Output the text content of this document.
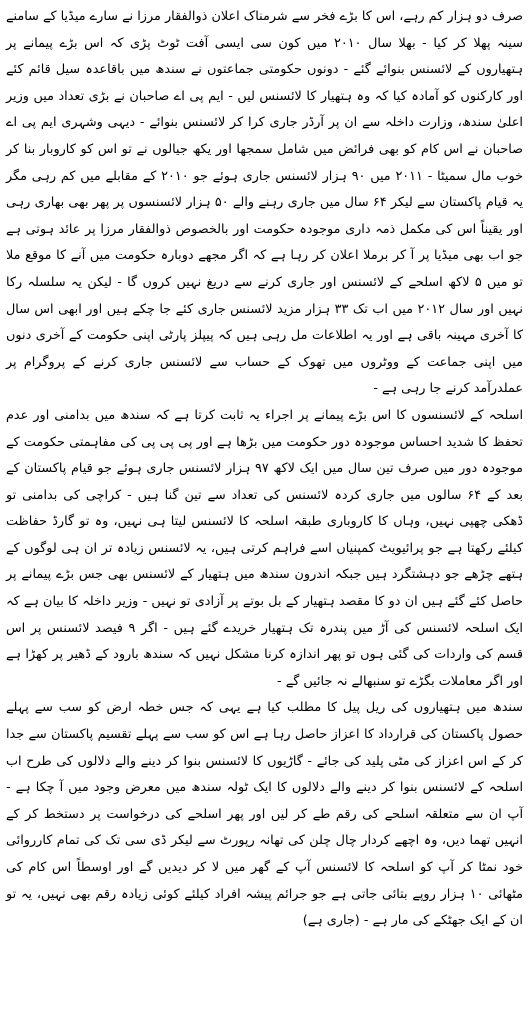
صرف دو ہزار کم رہے، اس کا بڑے فخر سے شرمناک اعلان ذوالفقار مرزا نے سارے میڈیا کے سامنے سینہ پھلا کر کیا - بھلا سال ۲۰۱۰ میں کون سی ایسی آفت ٹوٹ پڑی کہ اس بڑے پیمانے پر ہتھیاروں کے لائسنس بنوائے گئے - دونوں حکومتی جماعتوں نے سندھ میں باقاعدہ سیل قائم کئے اور کارکنوں کو آمادہ کیا کہ وہ ہتھیار کا لائسنس لیں - ایم پی اے صاحبان نے بڑی تعداد میں وزیر اعلیٰ سندھ، وزارت داخلہ سے ان پر آرڈر جاری کرا کر لائسنس بنوائے - دیہی وشہری ایم پی اے صاحبان نے اس کام کو بھی فرائض میں شامل سمجھا اور یکھ جیالوں نے تو اس کو کاروبار بنا کر خوب مال سمیٹا - ۲۰۱۱ میں ۹۰ ہزار لائسنس جاری ہوئے جو ۲۰۱۰ کے مقابلے میں کم رہی مگر یہ قیام پاکستان سے لیکر ۶۴ سال میں جاری رہنے والے ۵۰ ہزار لائسنسوں پر پھر بھی بھاری رہی اور یقیناً اس کی مکمل ذمہ داری موجودہ حکومت اور بالخصوص ذوالفقار مرزا پر عائد ہوتی ہے جو اب بھی میڈیا پر آ کر برملا اعلان کر رہا ہے کہ اگر مجھے دوبارہ حکومت میں آنے کا موقع ملا تو میں ۵ لاکھ اسلحے کے لائسنس اور جاری کرنے سے دریغ نہیں کروں گا - لیکن یہ سلسلہ رکا نہیں اور سال ۲۰۱۲ میں اب تک ۳۳ ہزار مزید لائسنس جاری کئے جا چکے ہیں اور ابھی اس سال کا آخری مہینہ باقی ہے اور یہ اطلاعات مل رہی ہیں کہ پیپلز پارٹی اپنی حکومت کے آخری دنوں میں اپنی جماعت کے ووٹروں میں تھوک کے حساب سے لائسنس جاری کرنے کے پروگرام پر عملدرآمد کرنے جا رہی ہے -

اسلحہ کے لائسنسوں کا اس بڑے پیمانے پر اجراء یہ ثابت کرتا ہے کہ سندھ میں بدامنی اور عدم تحفظ کا شدید احساس موجودہ دور حکومت میں بڑھا ہے اور پی پی پی کی مفاہمتی حکومت کے موجودہ دور میں صرف تین سال میں ایک لاکھ ۹۷ ہزار لائسنس جاری ہوئے جو قیام پاکستان کے بعد کے ۶۴ سالوں میں جاری کردہ لائسنس کی تعداد سے تین گنا ہیں - کراچی کی بدامنی تو ڈھکی چھپی نہیں، وہاں کا کاروباری طبقہ اسلحہ کا لائسنس لیتا ہی نہیں، وہ تو گارڈ حفاظت کیلئے رکھتا ہے جو پرائیویٹ کمپنیاں اسے فراہم کرتی ہیں، یہ لائسنس زیادہ تر ان ہی لوگوں کے ہتھے چڑھے جو دہشتگرد ہیں جبکہ اندرون سندھ میں ہتھیار کے لائسنس بھی جس بڑے پیمانے پر حاصل کئے گئے ہیں ان دو کا مقصد ہتھیار کے بل بوتے پر آزادی تو نہیں - وزیر داخلہ کا بیان ہے کہ ایک اسلحہ لائسنس کی آڑ میں پندرہ تک ہتھیار خریدے گئے ہیں - اگر ۹ فیصد لائسنس پر اس قسم کی واردات کی گئی ہوں تو پھر اندازہ کرنا مشکل نہیں کہ سندھ بارود کے ڈھیر پر کھڑا ہے اور اگر معاملات بگڑے تو سنبھالے نہ جائیں گے -

سندھ میں ہتھیاروں کی ریل پیل کا مطلب کیا ہے یہی کہ جس خطہ ارض کو سب سے پہلے حصول پاکستان کی قرارداد کا اعزاز حاصل رہا ہے اس کو سب سے پہلے تقسیم پاکستان سے جدا کر کے اس اعزاز کی مٹی پلید کی جائے - گاڑیوں کا لائسنس بنوا کر دینے والے دلالوں کی طرح اب اسلحہ کے لائسنس بنوا کر دینے والے دلالوں کا ایک ٹولہ سندھ میں معرض وجود میں آ چکا ہے - آپ ان سے متعلقہ اسلحے کی رقم طے کر لیں اور پھر اسلحے کی درخواست پر دستخط کر کے انہیں تھما دیں، وہ اچھے کردار چال چلن کی تھانہ رپورٹ سے لیکر ڈی سی تک کی تمام کارروائی خود نمٹا کر آپ کو اسلحہ کا لائسنس آپ کے گھر میں لا کر دیدیں گے اور اوسطاً اس کام کی مٹھائی ۱۰ ہزار روپے بتائی جاتی ہے جو جرائم پیشہ افراد کیلئے کوئی زیادہ رقم بھی نہیں، یہ تو ان کے ایک جھٹکے کی مار ہے - (جاری ہے)
